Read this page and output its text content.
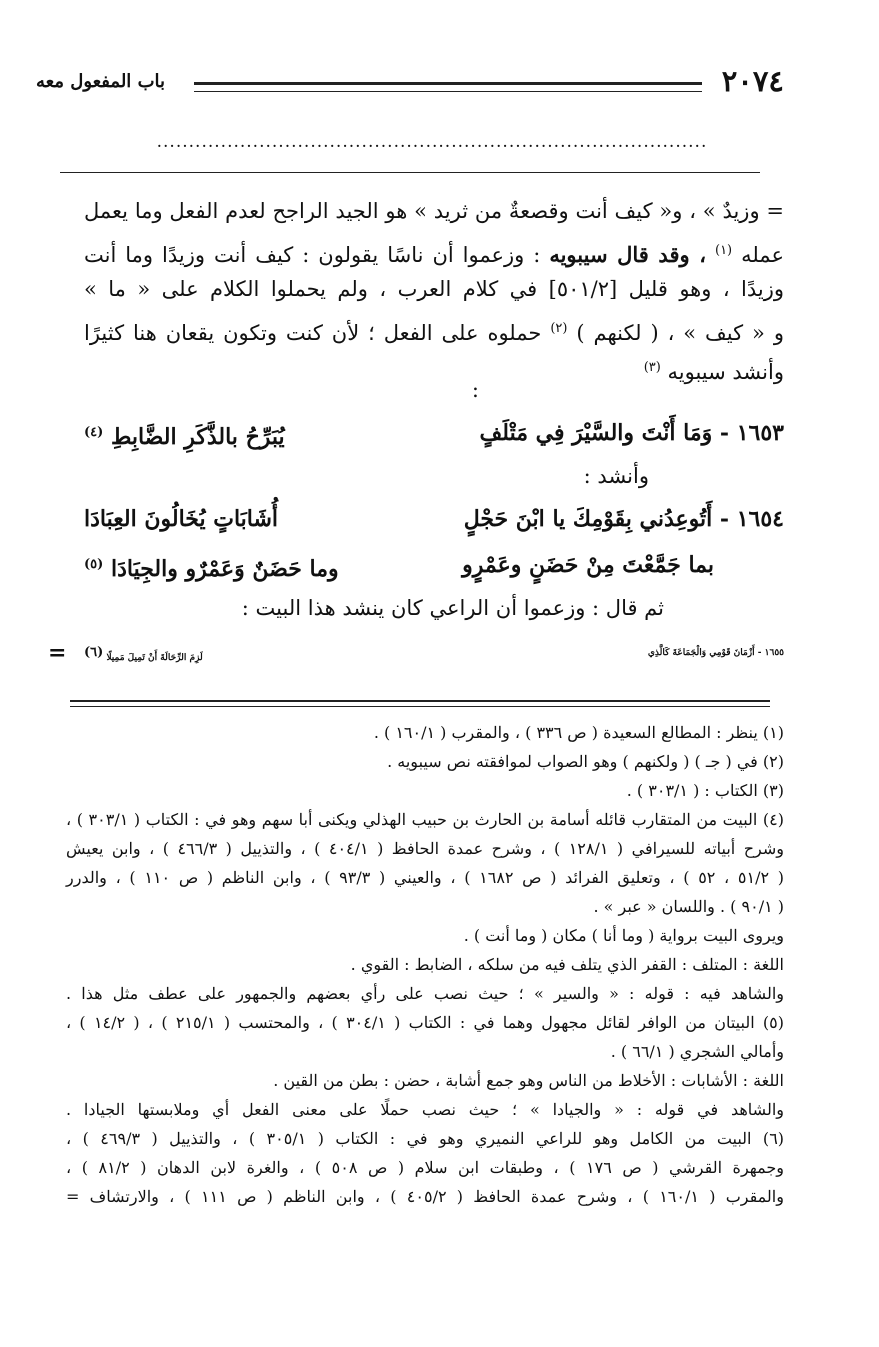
٢٠٧٤
باب المفعول معه
......................................................................................
= وزيدٌ » ، و« كيف أنت وقصعةٌ من ثريد » هو الجيد الراجح لعدم الفعل وما يعمل
عمله $^{(١)}$ ، وقد قال سيبويه : وزعموا أن ناسًا يقولون : كيف أنت وزيدًا وما أنت
وزيدًا ، وهو قليل [٥٠١/٢] في كلام العرب ، ولم يحملوا الكلام على « ما »
و « كيف » ، ( لكنهم ) $^{(٢)}$ حملوه على الفعل ؛ لأن كنت وتكون يقعان هنا كثيرًا
وأنشد سيبويه $^{(٣)}$
:
١٦٥٣ - وَمَا أَنْتَ والسَّيْرَ فِي مَتْلَفٍ
يُبَرِّحُ بالذَّكَرِ الضَّابِطِ $^{(٤)}$
وأنشد :
١٦٥٤ - أَتُوعِدُني بِقَوْمِكَ يا ابْنَ حَجْلٍ
أُشَابَاتٍ يُخَالُونَ العِبَادَا
بما جَمَّعْتَ مِنْ حَضَنٍ وعَمْرٍو
وما حَضَنٌ وَعَمْرٌو والجِيَادَا $^{(٥)}$
ثم قال : وزعموا أن الراعي كان ينشد هذا البيت :
١٦٥٥ - أَزْمَانَ قَوْمِي وَالْجَمَاعَةَ كَالَّذِي
لَزِمَ الرِّحَالَةَ أَنْ تَمِيلَ مَمِيلًا (٦)
=
(١) ينظر : المطالع السعيدة ( ص ٣٣٦ ) ، والمقرب ( ١٦٠/١ ) .
(٢) في ( جـ ) ( ولكنهم ) وهو الصواب لموافقته نص سيبويه .
(٣) الكتاب : ( ٣٠٣/١ ) .
(٤) البيت من المتقارب قائله أسامة بن الحارث بن حبيب الهذلي ويكنى أبا سهم وهو في : الكتاب ( ٣٠٣/١ ) ،
وشرح أبياته للسيرافي ( ١٢٨/١ ) ، وشرح عمدة الحافظ ( ٤٠٤/١ ) ، والتذييل ( ٤٦٦/٣ ) ، وابن يعيش
( ٥١/٢ ، ٥٢ ) ، وتعليق الفرائد ( ص ١٦٨٢ ) ، والعيني ( ٩٣/٣ ) ، وابن الناظم ( ص ١١٠ ) ، والدرر
( ٩٠/١ ) . واللسان « عبر » .
ويروى البيت برواية ( وما أنا ) مكان ( وما أنت ) .
اللغة : المتلف : القفر الذي يتلف فيه من سلكه ، الضابط : القوي .
والشاهد فيه : قوله : « والسير » ؛ حيث نصب على رأي بعضهم والجمهور على عطف مثل هذا .
(٥) البيتان من الوافر لقائل مجهول وهما في : الكتاب ( ٣٠٤/١ ) ، والمحتسب ( ٢١٥/١ ) ، ( ١٤/٢ ) ،
وأمالي الشجري ( ٦٦/١ ) .
اللغة : الأشابات : الأخلاط من الناس وهو جمع أشابة ، حضن : بطن من القين .
والشاهد في قوله : « والجيادا » ؛ حيث نصب حملًا على معنى الفعل أي وملابستها الجيادا .
(٦) البيت من الكامل وهو للراعي النميري وهو في : الكتاب ( ٣٠٥/١ ) ، والتذييل ( ٤٦٩/٣ ) ،
وجمهرة القرشي ( ص ١٧٦ ) ، وطبقات ابن سلام ( ص ٥٠٨ ) ، والغرة لابن الدهان ( ٨١/٢ ) ،
والمقرب ( ١٦٠/١ ) ، وشرح عمدة الحافظ ( ٤٠٥/٢ ) ، وابن الناظم ( ص ١١١ ) ، والارتشاف =
